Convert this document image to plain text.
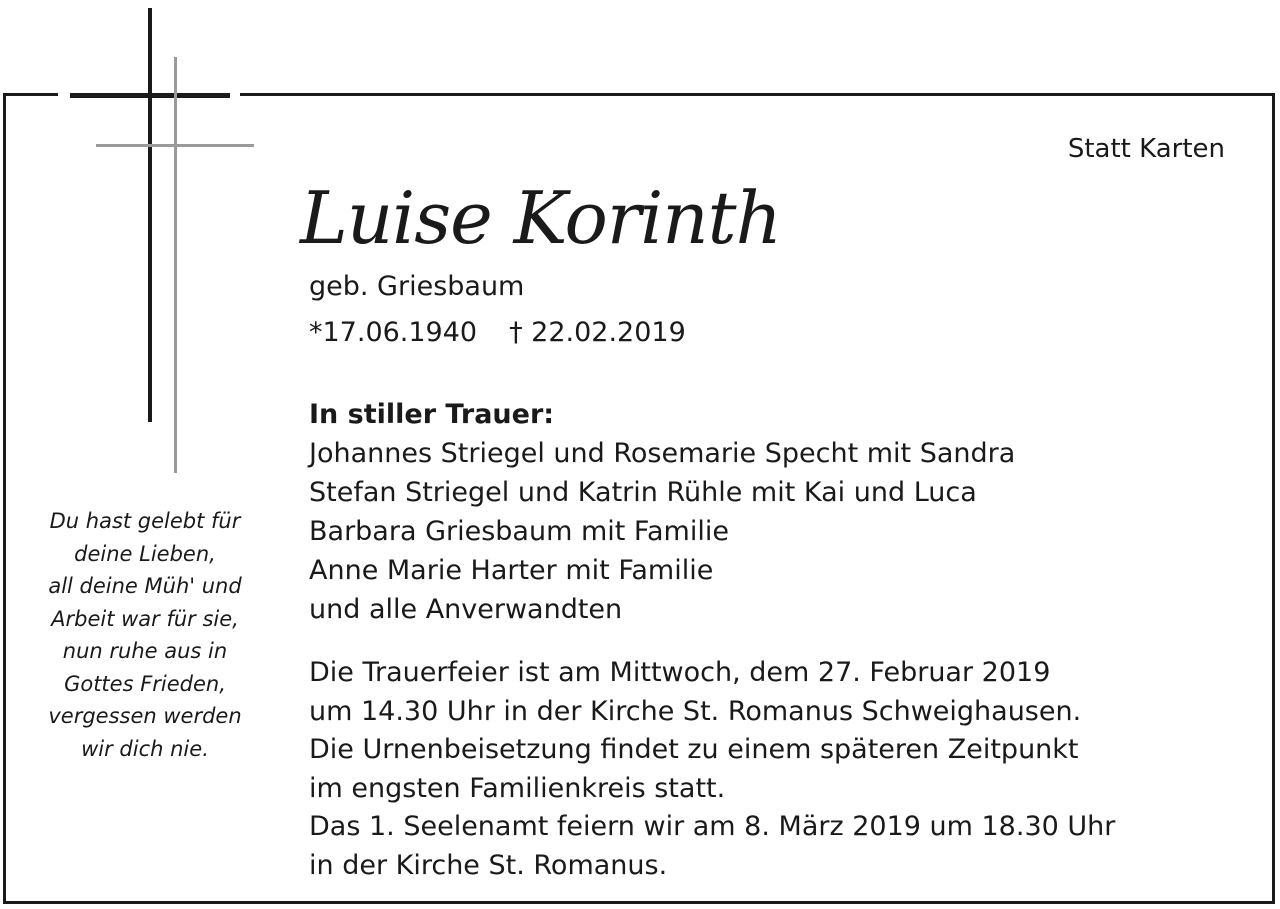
Statt Karten
Luise Korinth
geb. Griesbaum
*17.06.1940 † 22.02.2019
In stiller Trauer:
Johannes Striegel und Rosemarie Specht mit Sandra
Stefan Striegel und Katrin Rühle mit Kai und Luca
Barbara Griesbaum mit Familie
Anne Marie Harter mit Familie
und alle Anverwandten
Die Trauerfeier ist am Mittwoch, dem 27. Februar 2019
um 14.30 Uhr in der Kirche St. Romanus Schweighausen.
Die Urnenbeisetzung findet zu einem späteren Zeitpunkt
im engsten Familienkreis statt.
Das 1. Seelenamt feiern wir am 8. März 2019 um 18.30 Uhr
in der Kirche St. Romanus.
Du hast gelebt für
deine Lieben,
all deine Müh' und
Arbeit war für sie,
nun ruhe aus in
Gottes Frieden,
vergessen werden
wir dich nie.
